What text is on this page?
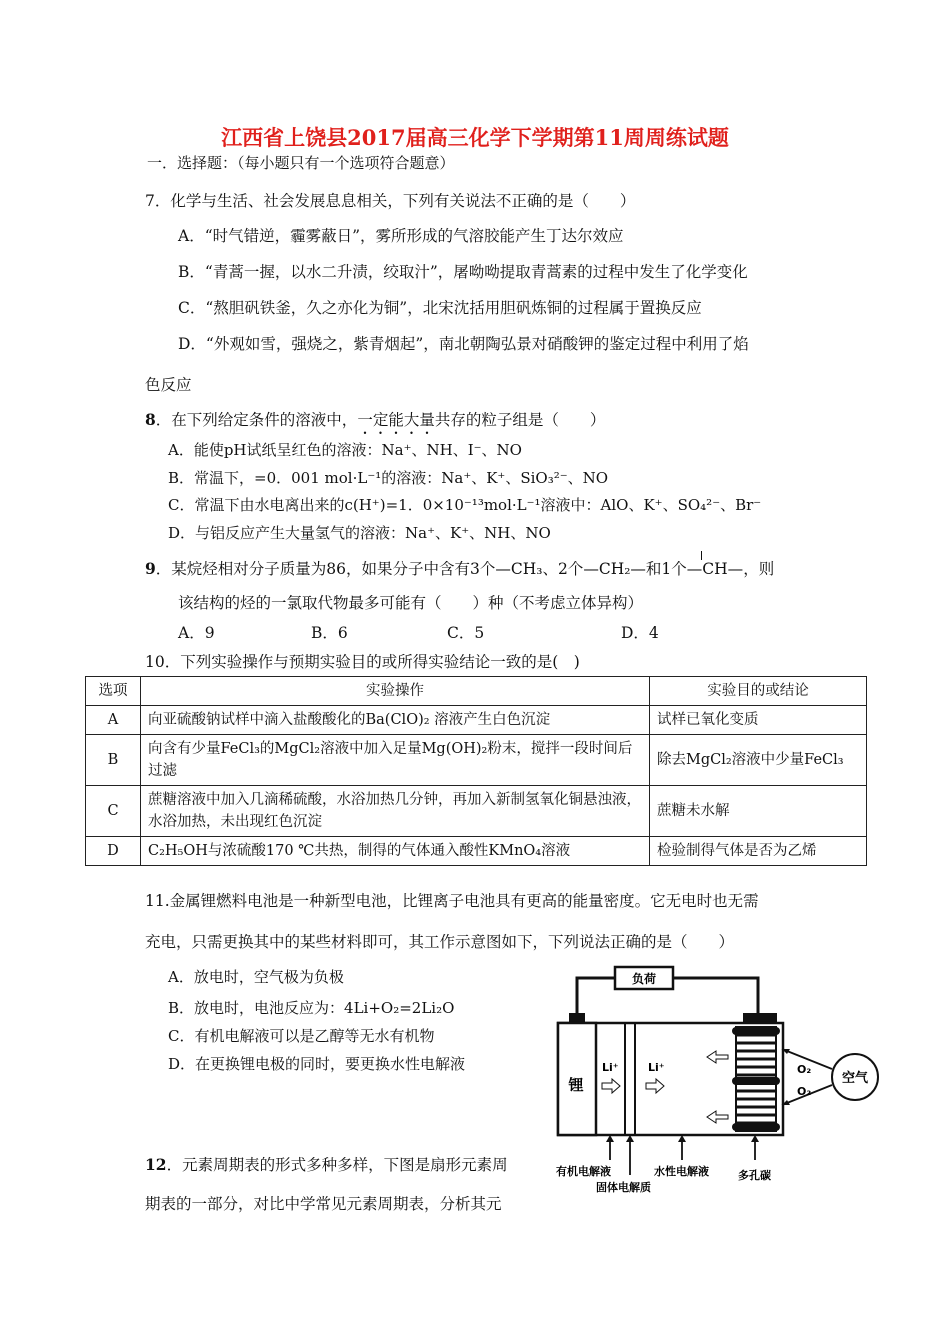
江西省上饶县2017届高三化学下学期第11周周练试题
一．选择题：（每小题只有一个选项符合题意）
7．化学与生活、社会发展息息相关，下列有关说法不正确的是（　　）
A．“时气错逆，霾雾蔽日”，雾所形成的气溶胶能产生丁达尔效应
B．“青蒿一握，以水二升渍，绞取汁”，屠呦呦提取青蒿素的过程中发生了化学变化
C．“熬胆矾铁釜，久之亦化为铜”，北宋沈括用胆矾炼铜的过程属于置换反应
D．“外观如雪，强烧之，紫青烟起”，南北朝陶弘景对硝酸钾的鉴定过程中利用了焰
色反应
8．在下列给定条件的溶液中，一定能大量共存的粒子组是（　　）
A．能使pH试纸呈红色的溶液：Na⁺、NH、I⁻、NO
B．常温下，=0．001 mol·L⁻¹的溶液：Na⁺、K⁺、SiO₃²⁻、NO
C．常温下由水电离出来的c(H⁺)=1．0×10⁻¹³mol·L⁻¹溶液中：AlO、K⁺、SO₄²⁻、Br⁻
D．与铝反应产生大量氢气的溶液：Na⁺、K⁺、NH、NO
9．某烷烃相对分子质量为86，如果分子中含有3个—CH₃、2个—CH₂—和1个
—CH—，则
该结构的烃的一氯取代物最多可能有（　　）种（不考虑立体异构）
A．9	B．6	C．5	D．4
10．下列实验操作与预期实验目的或所得实验结论一致的是(　)
选项	实验操作	实验目的或结论
A	向亚硫酸钠试样中滴入盐酸酸化的Ba(ClO)₂ 溶液产生白色沉淀	试样已氧化变质
B	向含有少量FeCl₃的MgCl₂溶液中加入足量Mg(OH)₂粉末，搅拌一段时间后过滤	除去MgCl₂溶液中少量FeCl₃
C	蔗糖溶液中加入几滴稀硫酸，水浴加热几分钟，再加入新制氢氧化铜悬浊液，水浴加热，未出现红色沉淀	蔗糖未水解
D	C₂H₅OH与浓硫酸170 ℃共热，制得的气体通入酸性KMnO₄溶液	检验制得气体是否为乙烯
11.金属锂燃料电池是一种新型电池，比锂离子电池具有更高的能量密度。它无电时也无需
充电，只需更换其中的某些材料即可，其工作示意图如下，下列说法正确的是（　　）
A．放电时，空气极为负极
B．放电时，电池反应为：4Li+O₂=2Li₂O
C．有机电解液可以是乙醇等无水有机物
D．在更换锂电极的同时，要更换水性电解液
负荷
锂
Li⁺	Li⁺
空气
O₂
O₂
有机电解液
固体电解质
水性电解液	多孔碳
12．元素周期表的形式多种多样，下图是扇形元素周
期表的一部分，对比中学常见元素周期表，分析其元
